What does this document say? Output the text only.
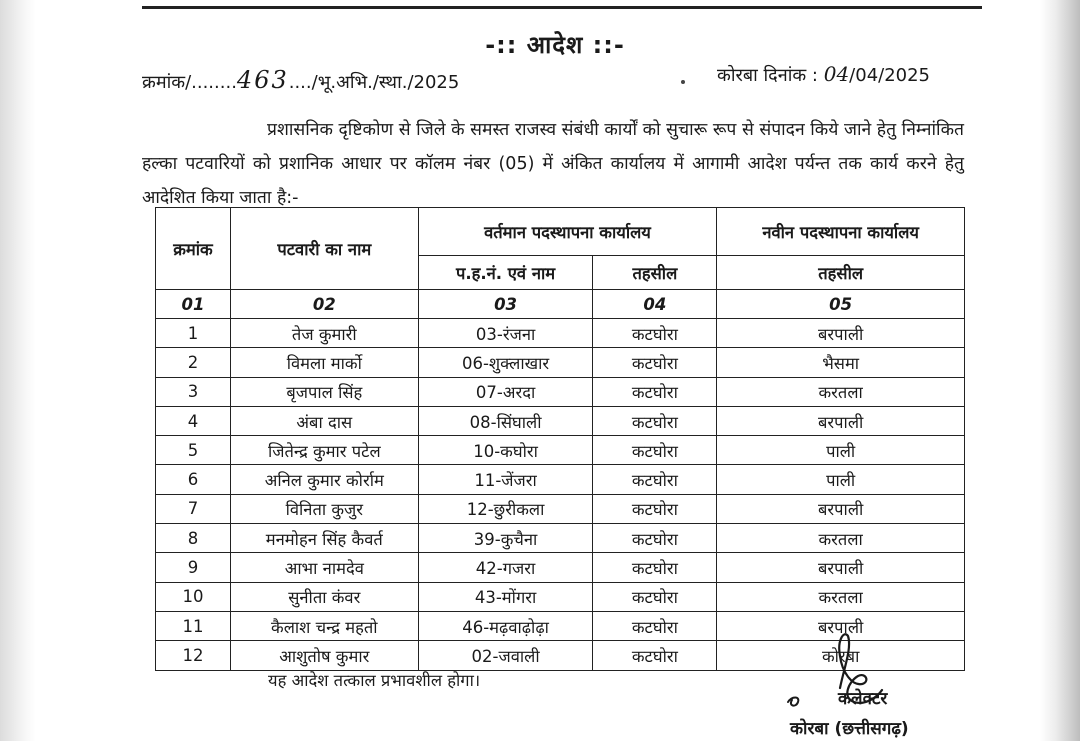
-:: आदेश ::-
क्रमांक/........463..../भू.अभि./स्था./2025	कोरबा दिनांक : 04/04/2025
प्रशासनिक दृष्टिकोण से जिले के समस्त राजस्व संबंधी कार्यों को सुचारू रूप से संपादन किये जाने हेतु निम्नांकित हल्का पटवारियों को प्रशानिक आधार पर कॉलम नंबर (05) में अंकित कार्यालय में आगामी आदेश पर्यन्त तक कार्य करने हेतु आदेशित किया जाता है:-
क्रमांक	पटवारी का नाम	वर्तमान पदस्थापना कार्यालय		नवीन पदस्थापना कार्यालय
		प.ह.नं. एवं नाम	तहसील	तहसील
01	02	03	04	05
1	तेज कुमारी	03-रंजना	कटघोरा	बरपाली
2	विमला मार्को	06-शुक्लाखार	कटघोरा	भैसमा
3	बृजपाल सिंह	07-अरदा	कटघोरा	करतला
4	अंबा दास	08-सिंघाली	कटघोरा	बरपाली
5	जितेन्द्र कुमार पटेल	10-कघोरा	कटघोरा	पाली
6	अनिल कुमार कोर्राम	11-जेंजरा	कटघोरा	पाली
7	विनिता कुजुर	12-छुरीकला	कटघोरा	बरपाली
8	मनमोहन सिंह कैवर्त	39-कुचैना	कटघोरा	करतला
9	आभा नामदेव	42-गजरा	कटघोरा	बरपाली
10	सुनीता कंवर	43-मोंगरा	कटघोरा	करतला
11	कैलाश चन्द्र महतो	46-मढ़वाढ़ोढ़ा	कटघोरा	बरपाली
12	आशुतोष कुमार	02-जवाली	कटघोरा	कोरबा
यह आदेश तत्काल प्रभावशील होगा।
कलेक्टर
कोरबा (छत्तीसगढ़)
